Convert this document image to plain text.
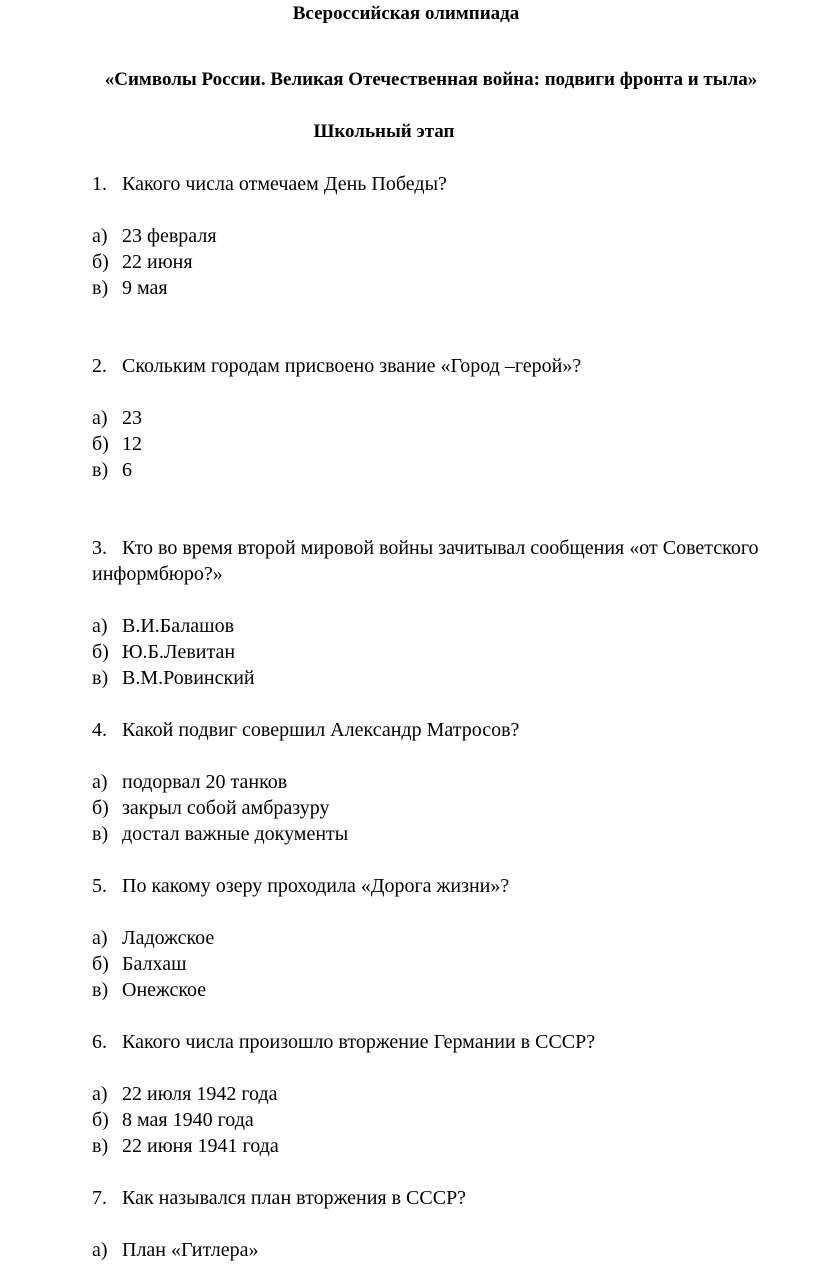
Всероссийская олимпиада
«Символы России. Великая Отечественная война: подвиги фронта и тыла»
Школьный этап
1. Какого числа отмечаем День Победы?
а) 23 февраля
б) 22 июня
в) 9 мая
2. Скольким городам присвоено звание «Город –герой»?
а) 23
б) 12
в) 6
3. Кто во время второй мировой войны зачитывал сообщения «от Советского
информбюро?»
а) В.И.Балашов
б) Ю.Б.Левитан
в) В.М.Ровинский
4. Какой подвиг совершил Александр Матросов?
а) подорвал 20 танков
б) закрыл собой амбразуру
в) достал важные документы
5. По какому озеру проходила «Дорога жизни»?
а) Ладожское
б) Балхаш
в) Онежское
6. Какого числа произошло вторжение Германии в СССР?
а) 22 июля 1942 года
б) 8 мая 1940 года
в) 22 июня 1941 года
7. Как назывался план вторжения в СССР?
а) План «Гитлера»
